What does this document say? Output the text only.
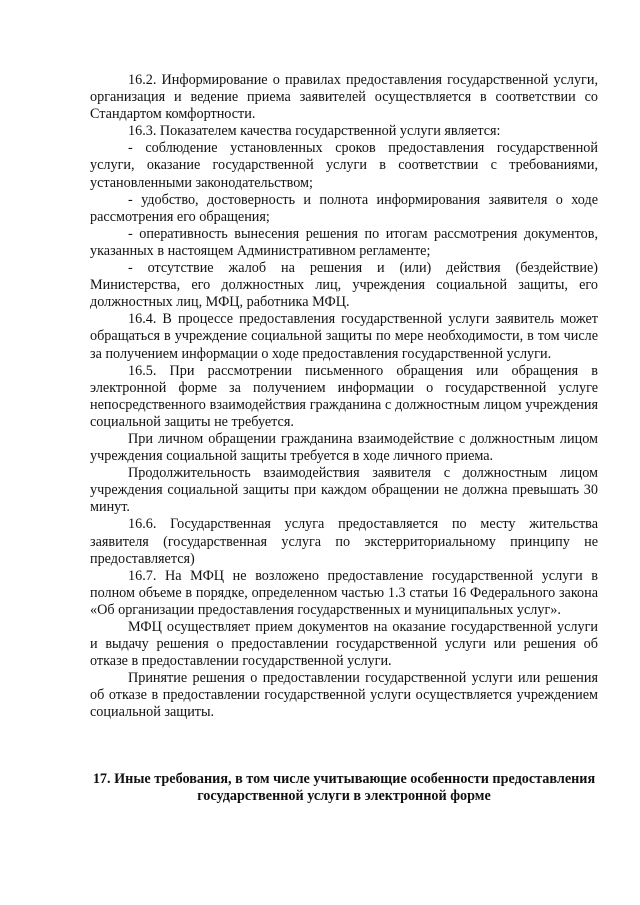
16.2. Информирование о правилах предоставления государственной услуги, организация и ведение приема заявителей осуществляется в соответствии со Стандартом комфортности.

16.3. Показателем качества государственной услуги является:

- соблюдение установленных сроков предоставления государственной услуги, оказание государственной услуги в соответствии с требованиями, установленными законодательством;

- удобство, достоверность и полнота информирования заявителя о ходе рассмотрения его обращения;

- оперативность вынесения решения по итогам рассмотрения документов, указанных в настоящем Административном регламенте;

- отсутствие жалоб на решения и (или) действия (бездействие) Министерства, его должностных лиц, учреждения социальной защиты, его должностных лиц, МФЦ, работника МФЦ.

16.4. В процессе предоставления государственной услуги заявитель может обращаться в учреждение социальной защиты по мере необходимости, в том числе за получением информации о ходе предоставления государственной услуги.

16.5. При рассмотрении письменного обращения или обращения в электронной форме за получением информации о государственной услуге непосредственного взаимодействия гражданина с должностным лицом учреждения социальной защиты не требуется.

При личном обращении гражданина взаимодействие с должностным лицом учреждения социальной защиты требуется в ходе личного приема.

Продолжительность взаимодействия заявителя с должностным лицом учреждения социальной защиты при каждом обращении не должна превышать 30 минут.

16.6. Государственная услуга предоставляется по месту жительства заявителя (государственная услуга по экстерриториальному принципу не предоставляется)

16.7. На МФЦ не возложено предоставление государственной услуги в полном объеме в порядке, определенном частью 1.3 статьи 16 Федерального закона «Об организации предоставления государственных и муниципальных услуг».

МФЦ осуществляет прием документов на оказание государственной услуги и выдачу решения о предоставлении государственной услуги или решения об отказе в предоставлении государственной услуги.

Принятие решения о предоставлении государственной услуги или решения об отказе в предоставлении государственной услуги осуществляется учреждением социальной защиты.

17. Иные требования, в том числе учитывающие особенности предоставления государственной услуги в электронной форме
